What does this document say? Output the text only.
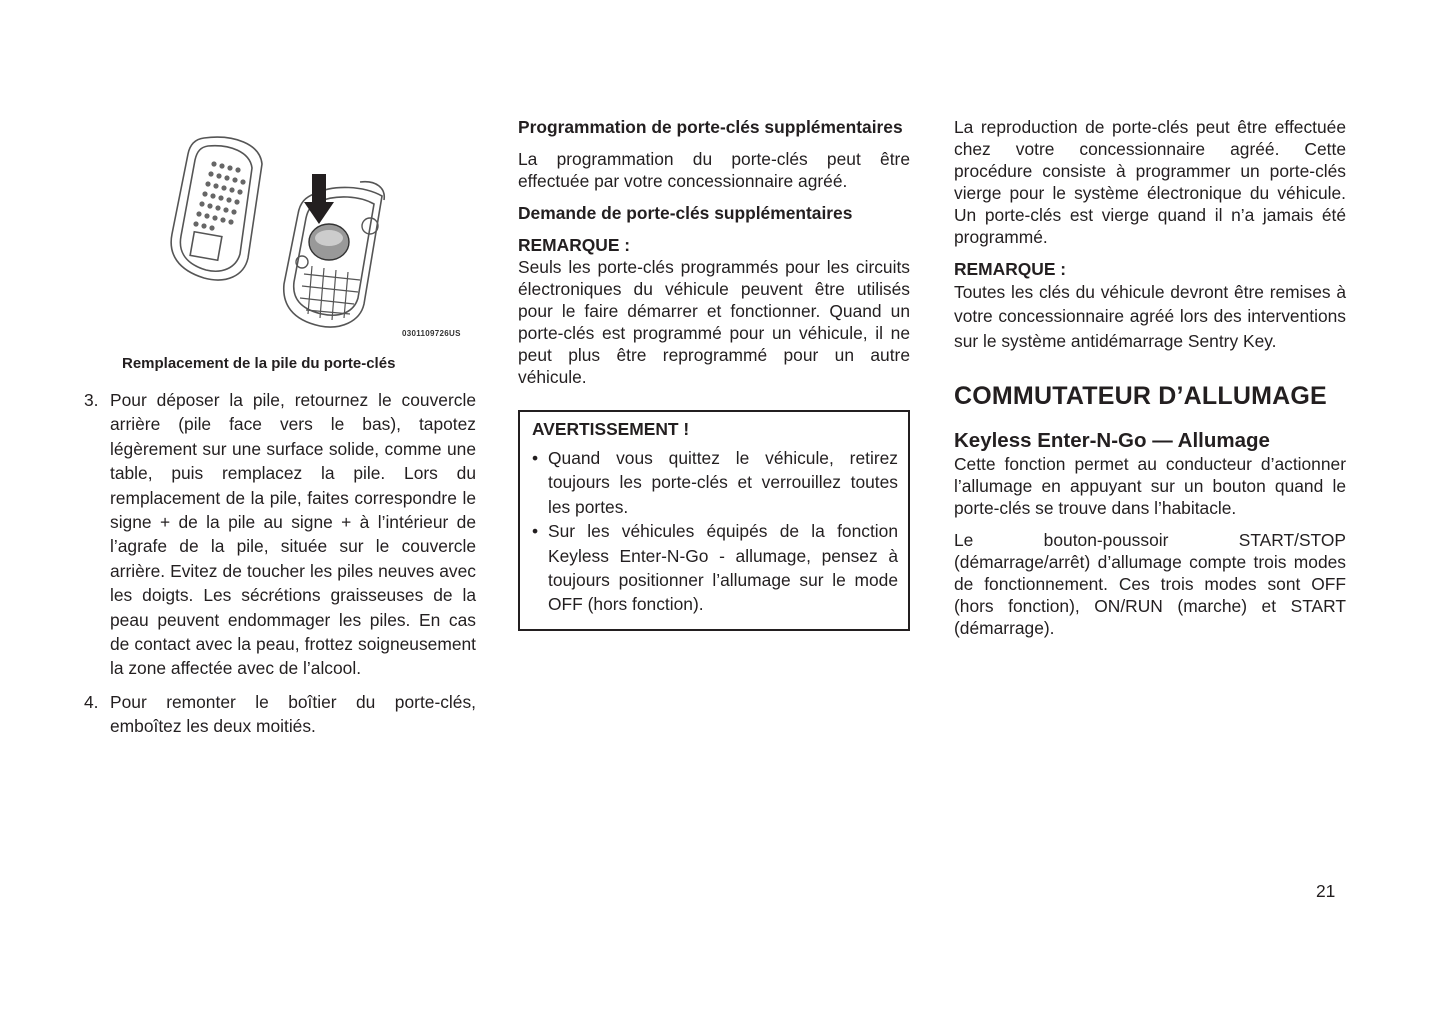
0301109726US
Remplacement de la pile du porte-clés
3. Pour déposer la pile, retournez le couvercle arrière (pile face vers le bas), tapotez légèrement sur une surface solide, comme une table, puis remplacez la pile. Lors du remplacement de la pile, faites correspondre le signe + de la pile au signe + à l’intérieur de l’agrafe de la pile, située sur le couvercle arrière. Evitez de toucher les piles neuves avec les doigts. Les sécrétions graisseuses de la peau peuvent endommager les piles. En cas de contact avec la peau, frottez soigneusement la zone affectée avec de l’alcool.
4. Pour remonter le boîtier du porte-clés, emboîtez les deux moitiés.
Programmation de porte-clés supplémentaires

La programmation du porte-clés peut être effectuée par votre concessionnaire agréé.

Demande de porte-clés supplémentaires
REMARQUE :

Seuls les porte-clés programmés pour les circuits électroniques du véhicule peuvent être utilisés pour le faire démarrer et fonctionner. Quand un porte-clés est programmé pour un véhicule, il ne peut plus être reprogrammé pour un autre véhicule.

AVERTISSEMENT !
• Quand vous quittez le véhicule, retirez toujours les porte-clés et verrouillez toutes les portes.
• Sur les véhicules équipés de la fonction Keyless Enter-N-Go - allumage, pensez à toujours positionner l’allumage sur le mode OFF (hors fonction).

La reproduction de porte-clés peut être effectuée chez votre concessionnaire agréé. Cette procédure consiste à programmer un porte-clés vierge pour le système électronique du véhicule. Un porte-clés est vierge quand il n’a jamais été programmé.

REMARQUE :

Toutes les clés du véhicule devront être remises à votre concessionnaire agréé lors des interventions sur le système antidémarrage Sentry Key.

COMMUTATEUR D’ALLUMAGE
Keyless Enter-N-Go — Allumage

Cette fonction permet au conducteur d’actionner l’allumage en appuyant sur un bouton quand le porte-clés se trouve dans l’habitacle.

Le bouton-poussoir START/STOP (démarrage/arrêt) d’allumage compte trois modes de fonctionnement. Ces trois modes sont OFF (hors fonction), ON/RUN (marche) et START (démarrage).

21
